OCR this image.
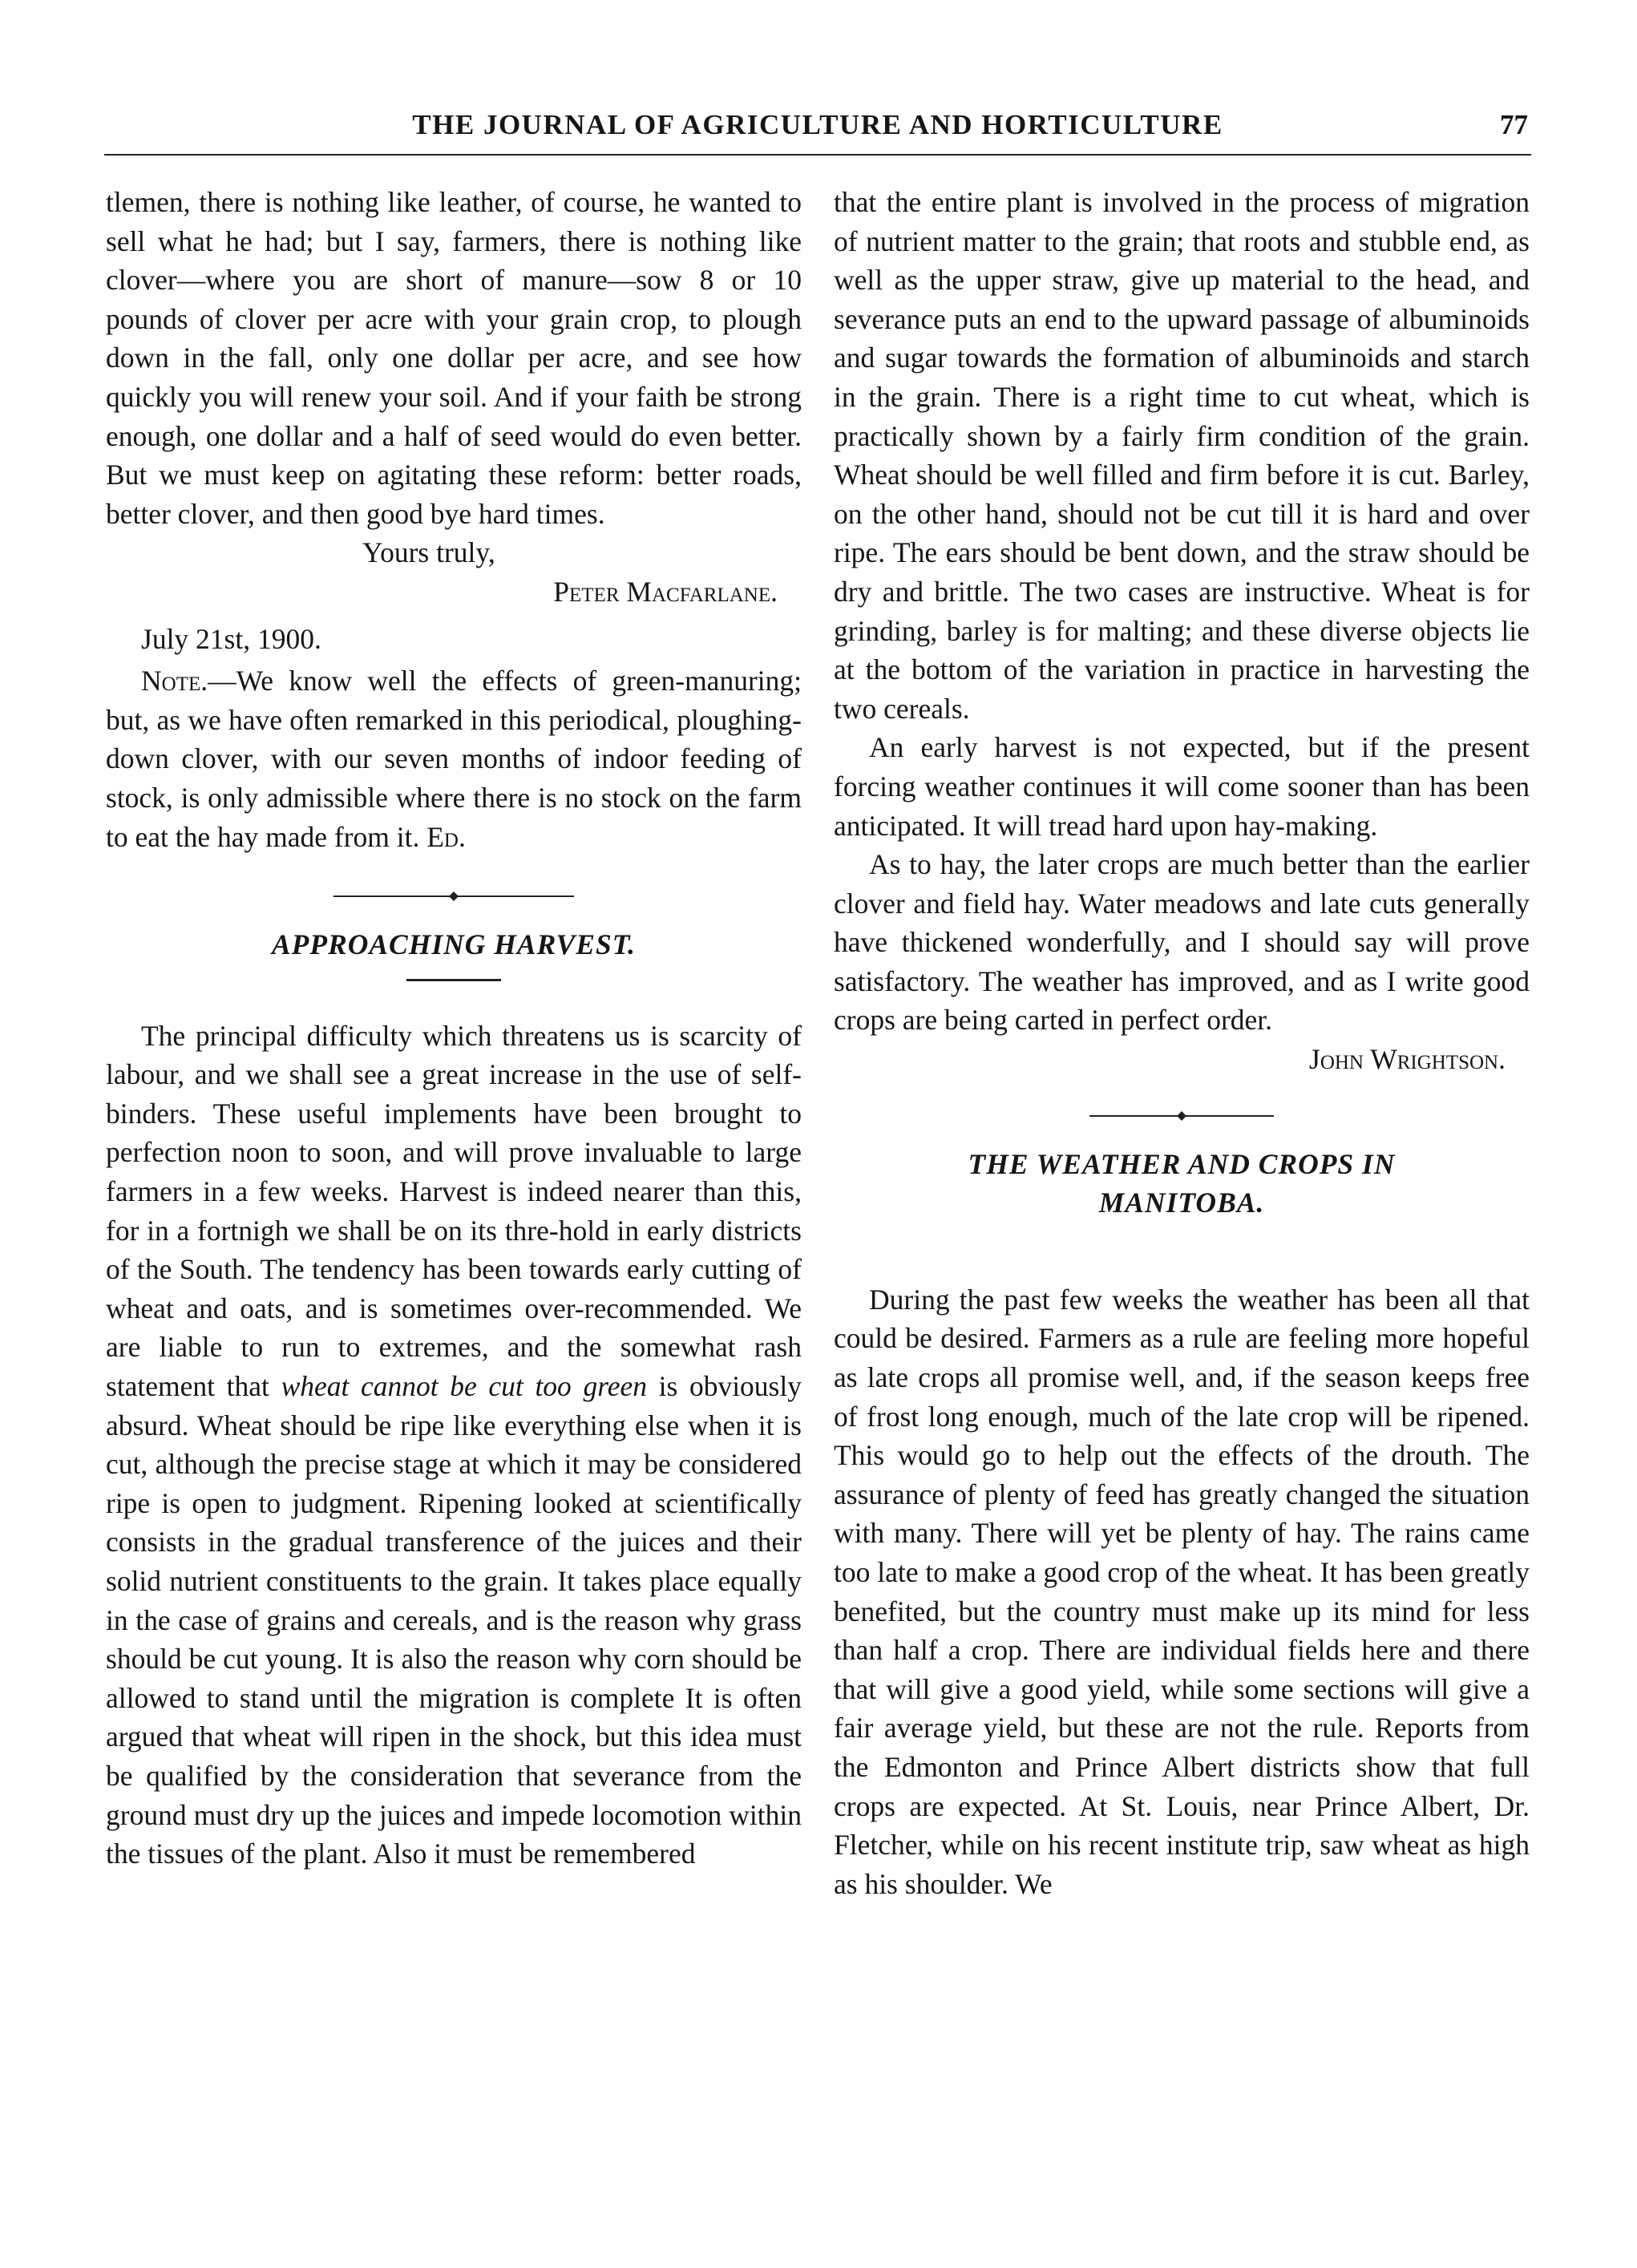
THE JOURNAL OF AGRICULTURE AND HORTICULTURE	77

tlemen, there is nothing like leather, of course, he wanted to sell what he had; but I say, farmers, there is nothing like clover—where you are short of manure—sow 8 or 10 pounds of clover per acre with your grain crop, to plough down in the fall, only one dollar per acre, and see how quickly you will renew your soil. And if your faith be strong enough, one dollar and a half of seed would do even better. But we must keep on agitating these reform: better roads, better clover, and then good bye hard times.

Yours truly,

Peter Macfarlane.

July 21st, 1900.

Note.—We know well the effects of green-manuring; but, as we have often remarked in this periodical, ploughing-down clover, with our seven months of indoor feeding of stock, is only admissible where there is no stock on the farm to eat the hay made from it. Ed.

APPROACHING HARVEST.

The principal difficulty which threatens us is scarcity of labour, and we shall see a great increase in the use of self-binders. These useful implements have been brought to perfection noon to soon, and will prove invaluable to large farmers in a few weeks. Harvest is indeed nearer than this, for in a fortnigh we shall be on its thre-hold in early districts of the South. The tendency has been towards early cutting of wheat and oats, and is sometimes over-recommended. We are liable to run to extremes, and the somewhat rash statement that wheat cannot be cut too green is obviously absurd. Wheat should be ripe like everything else when it is cut, although the precise stage at which it may be considered ripe is open to judgment. Ripening looked at scientifically consists in the gradual transference of the juices and their solid nutrient constituents to the grain. It takes place equally in the case of grains and cereals, and is the reason why grass should be cut young. It is also the reason why corn should be allowed to stand until the migration is complete It is often argued that wheat will ripen in the shock, but this idea must be qualified by the consideration that severance from the ground must dry up the juices and impede locomotion within the tissues of the plant. Also it must be remembered

that the entire plant is involved in the process of migration of nutrient matter to the grain; that roots and stubble end, as well as the upper straw, give up material to the head, and severance puts an end to the upward passage of albuminoids and sugar towards the formation of albuminoids and starch in the grain. There is a right time to cut wheat, which is practically shown by a fairly firm condition of the grain. Wheat should be well filled and firm before it is cut. Barley, on the other hand, should not be cut till it is hard and over ripe. The ears should be bent down, and the straw should be dry and brittle. The two cases are instructive. Wheat is for grinding, barley is for malting; and these diverse objects lie at the bottom of the variation in practice in harvesting the two cereals.

An early harvest is not expected, but if the present forcing weather continues it will come sooner than has been anticipated. It will tread hard upon hay-making.

As to hay, the later crops are much better than the earlier clover and field hay. Water meadows and late cuts generally have thickened wonderfully, and I should say will prove satisfactory. The weather has improved, and as I write good crops are being carted in perfect order.

John Wrightson.

THE WEATHER AND CROPS IN

MANITOBA.

During the past few weeks the weather has been all that could be desired. Farmers as a rule are feeling more hopeful as late crops all promise well, and, if the season keeps free of frost long enough, much of the late crop will be ripened. This would go to help out the effects of the drouth. The assurance of plenty of feed has greatly changed the situation with many. There will yet be plenty of hay. The rains came too late to make a good crop of the wheat. It has been greatly benefited, but the country must make up its mind for less than half a crop. There are individual fields here and there that will give a good yield, while some sections will give a fair average yield, but these are not the rule. Reports from the Edmonton and Prince Albert districts show that full crops are expected. At St. Louis, near Prince Albert, Dr. Fletcher, while on his recent institute trip, saw wheat as high as his shoulder. We
